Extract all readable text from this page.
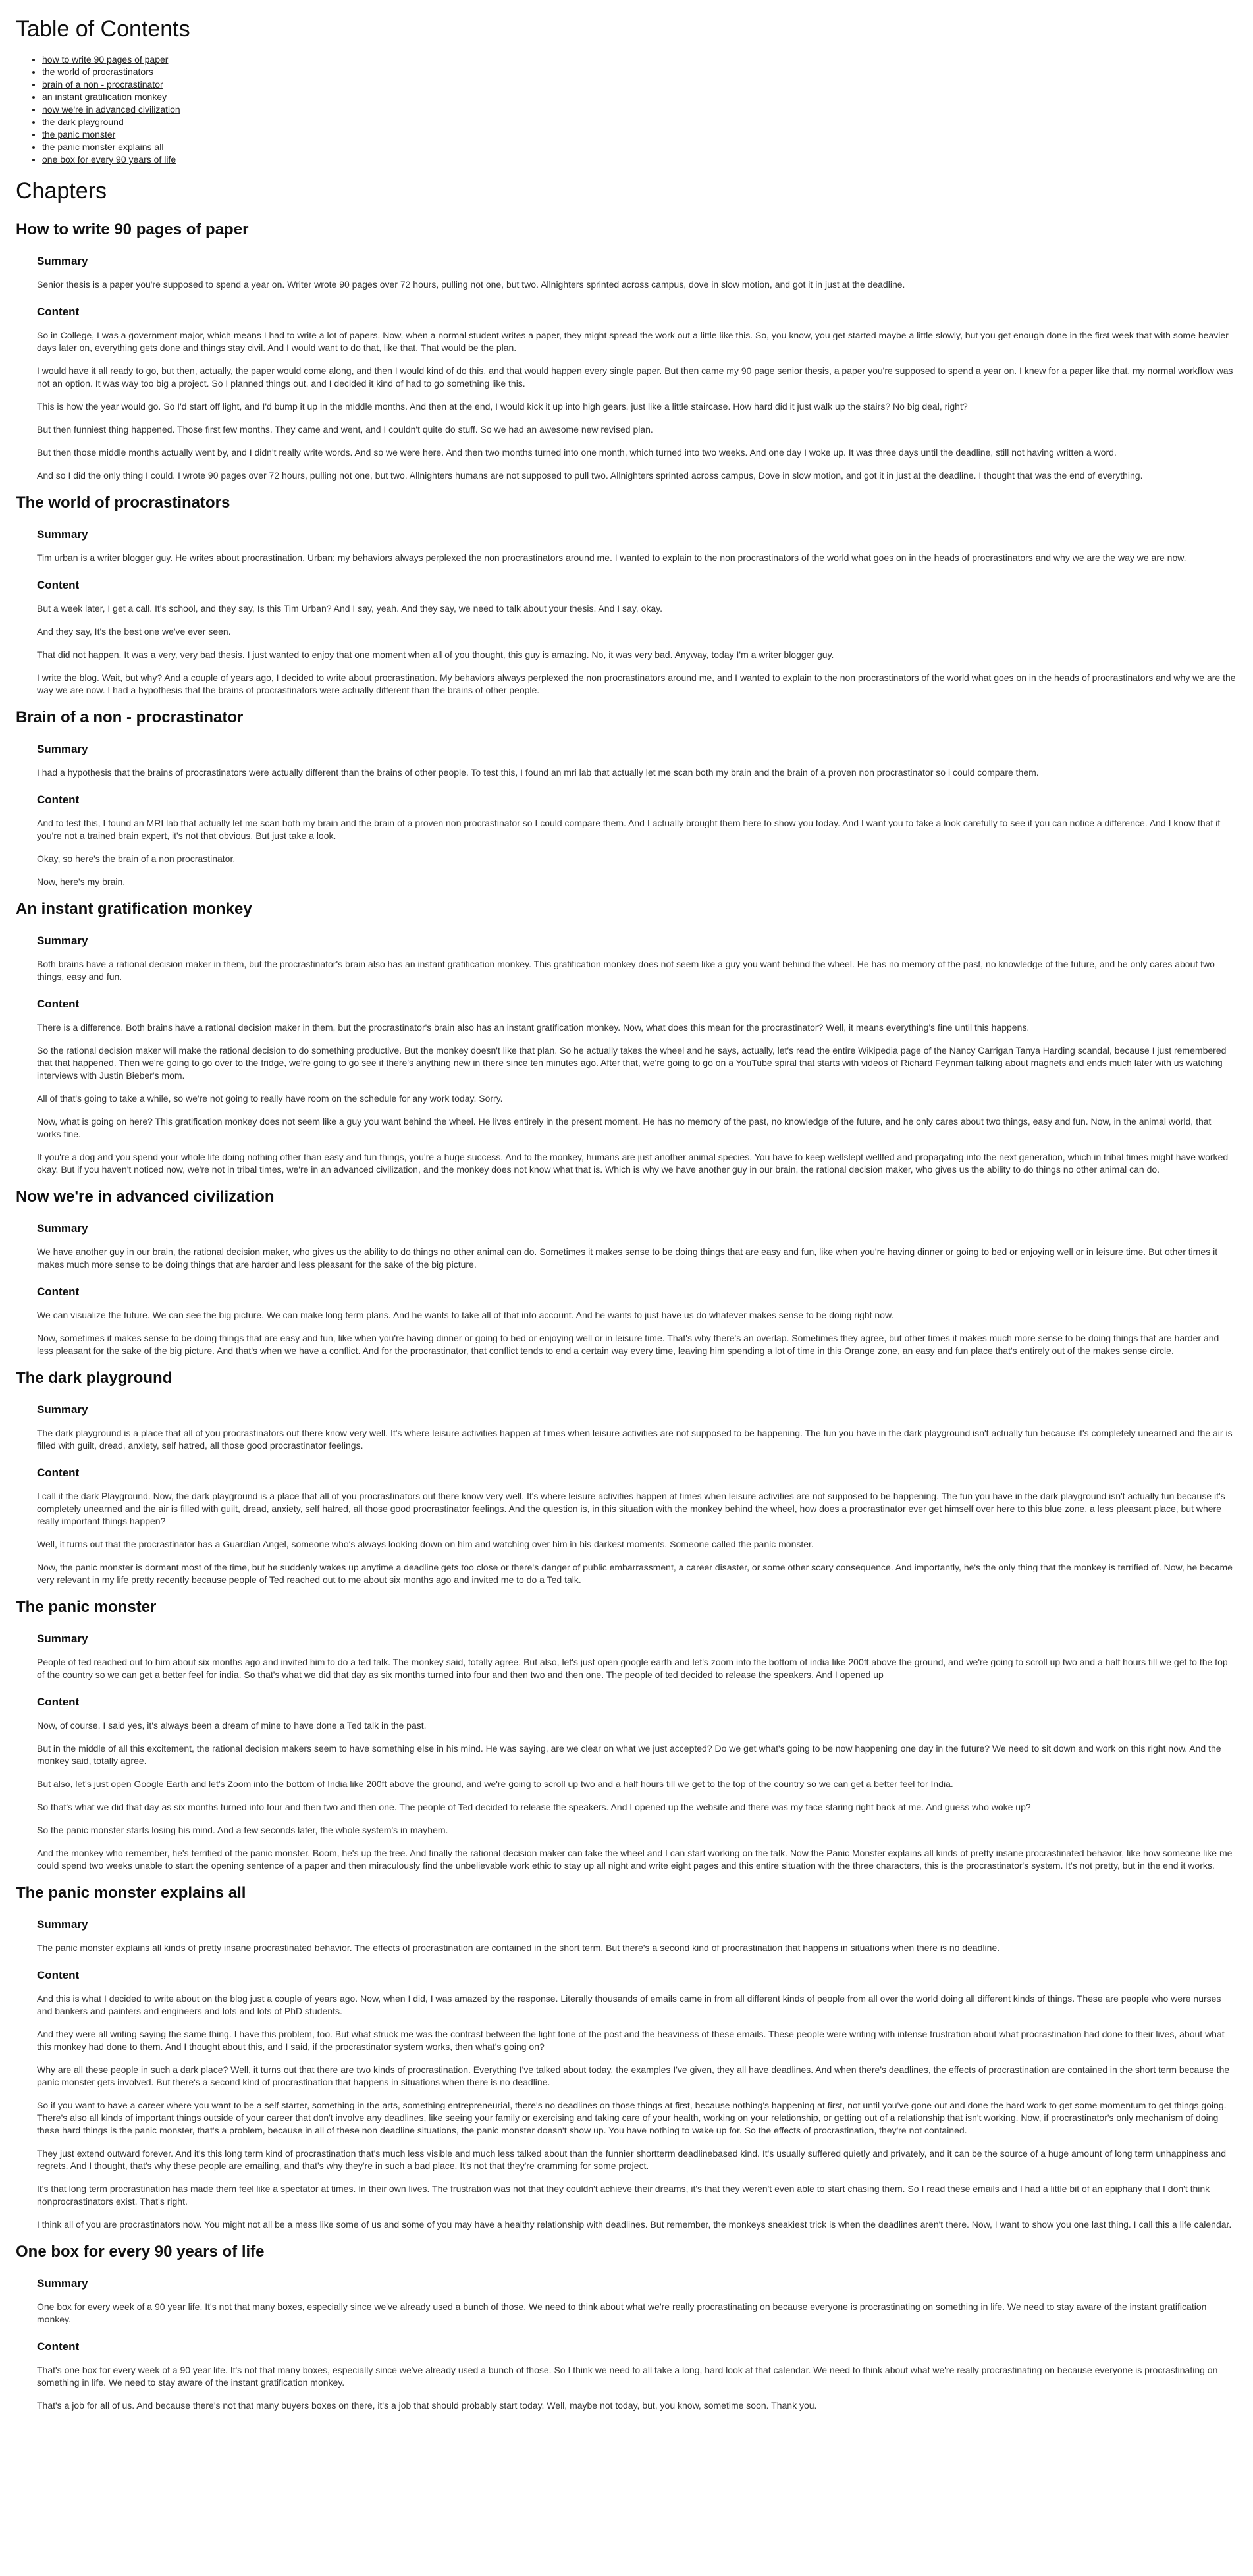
Table of Contents
• how to write 90 pages of paper
• the world of procrastinators
• brain of a non - procrastinator
• an instant gratification monkey
• now we're in advanced civilization
• the dark playground
• the panic monster
• the panic monster explains all
• one box for every 90 years of life
Chapters
How to write 90 pages of paper
Summary

Senior thesis is a paper you're supposed to spend a year on. Writer wrote 90 pages over 72 hours, pulling not one, but two. Allnighters sprinted across campus, dove in slow motion, and got it in just at the deadline.

Content

So in College, I was a government major, which means I had to write a lot of papers. Now, when a normal student writes a paper, they might spread the work out a little like this. So, you know, you get started maybe a little slowly, but you get enough done in the first week that with some heavier days later on, everything gets done and things stay civil. And I would want to do that, like that. That would be the plan.

I would have it all ready to go, but then, actually, the paper would come along, and then I would kind of do this, and that would happen every single paper. But then came my 90 page senior thesis, a paper you're supposed to spend a year on. I knew for a paper like that, my normal workflow was not an option. It was way too big a project. So I planned things out, and I decided it kind of had to go something like this.

This is how the year would go. So I'd start off light, and I'd bump it up in the middle months. And then at the end, I would kick it up into high gears, just like a little staircase. How hard did it just walk up the stairs? No big deal, right?

But then funniest thing happened. Those first few months. They came and went, and I couldn't quite do stuff. So we had an awesome new revised plan.

But then those middle months actually went by, and I didn't really write words. And so we were here. And then two months turned into one month, which turned into two weeks. And one day I woke up. It was three days until the deadline, still not having written a word.

And so I did the only thing I could. I wrote 90 pages over 72 hours, pulling not one, but two. Allnighters humans are not supposed to pull two. Allnighters sprinted across campus, Dove in slow motion, and got it in just at the deadline. I thought that was the end of everything.

The world of procrastinators
Summary

Tim urban is a writer blogger guy. He writes about procrastination. Urban: my behaviors always perplexed the non procrastinators around me. I wanted to explain to the non procrastinators of the world what goes on in the heads of procrastinators and why we are the way we are now.

Content

But a week later, I get a call. It's school, and they say, Is this Tim Urban? And I say, yeah. And they say, we need to talk about your thesis. And I say, okay.

And they say, It's the best one we've ever seen.

That did not happen. It was a very, very bad thesis. I just wanted to enjoy that one moment when all of you thought, this guy is amazing. No, it was very bad. Anyway, today I'm a writer blogger guy.

I write the blog. Wait, but why? And a couple of years ago, I decided to write about procrastination. My behaviors always perplexed the non procrastinators around me, and I wanted to explain to the non procrastinators of the world what goes on in the heads of procrastinators and why we are the way we are now. I had a hypothesis that the brains of procrastinators were actually different than the brains of other people.

Brain of a non - procrastinator
Summary

I had a hypothesis that the brains of procrastinators were actually different than the brains of other people. To test this, I found an mri lab that actually let me scan both my brain and the brain of a proven non procrastinator so i could compare them.

Content

And to test this, I found an MRI lab that actually let me scan both my brain and the brain of a proven non procrastinator so I could compare them. And I actually brought them here to show you today. And I want you to take a look carefully to see if you can notice a difference. And I know that if you're not a trained brain expert, it's not that obvious. But just take a look.

Okay, so here's the brain of a non procrastinator.

Now, here's my brain.

An instant gratification monkey
Summary

Both brains have a rational decision maker in them, but the procrastinator's brain also has an instant gratification monkey. This gratification monkey does not seem like a guy you want behind the wheel. He has no memory of the past, no knowledge of the future, and he only cares about two things, easy and fun.

Content

There is a difference. Both brains have a rational decision maker in them, but the procrastinator's brain also has an instant gratification monkey. Now, what does this mean for the procrastinator? Well, it means everything's fine until this happens.

So the rational decision maker will make the rational decision to do something productive. But the monkey doesn't like that plan. So he actually takes the wheel and he says, actually, let's read the entire Wikipedia page of the Nancy Carrigan Tanya Harding scandal, because I just remembered that that happened. Then we're going to go over to the fridge, we're going to go see if there's anything new in there since ten minutes ago. After that, we're going to go on a YouTube spiral that starts with videos of Richard Feynman talking about magnets and ends much later with us watching interviews with Justin Bieber's mom.

All of that's going to take a while, so we're not going to really have room on the schedule for any work today. Sorry.

Now, what is going on here? This gratification monkey does not seem like a guy you want behind the wheel. He lives entirely in the present moment. He has no memory of the past, no knowledge of the future, and he only cares about two things, easy and fun. Now, in the animal world, that works fine.

If you're a dog and you spend your whole life doing nothing other than easy and fun things, you're a huge success. And to the monkey, humans are just another animal species. You have to keep wellslept wellfed and propagating into the next generation, which in tribal times might have worked okay. But if you haven't noticed now, we're not in tribal times, we're in an advanced civilization, and the monkey does not know what that is. Which is why we have another guy in our brain, the rational decision maker, who gives us the ability to do things no other animal can do.

Now we're in advanced civilization
Summary

We have another guy in our brain, the rational decision maker, who gives us the ability to do things no other animal can do. Sometimes it makes sense to be doing things that are easy and fun, like when you're having dinner or going to bed or enjoying well or in leisure time. But other times it makes much more sense to be doing things that are harder and less pleasant for the sake of the big picture.

Content

We can visualize the future. We can see the big picture. We can make long term plans. And he wants to take all of that into account. And he wants to just have us do whatever makes sense to be doing right now.

Now, sometimes it makes sense to be doing things that are easy and fun, like when you're having dinner or going to bed or enjoying well or in leisure time. That's why there's an overlap. Sometimes they agree, but other times it makes much more sense to be doing things that are harder and less pleasant for the sake of the big picture. And that's when we have a conflict. And for the procrastinator, that conflict tends to end a certain way every time, leaving him spending a lot of time in this Orange zone, an easy and fun place that's entirely out of the makes sense circle.

The dark playground
Summary

The dark playground is a place that all of you procrastinators out there know very well. It's where leisure activities happen at times when leisure activities are not supposed to be happening. The fun you have in the dark playground isn't actually fun because it's completely unearned and the air is filled with guilt, dread, anxiety, self hatred, all those good procrastinator feelings.

Content

I call it the dark Playground. Now, the dark playground is a place that all of you procrastinators out there know very well. It's where leisure activities happen at times when leisure activities are not supposed to be happening. The fun you have in the dark playground isn't actually fun because it's completely unearned and the air is filled with guilt, dread, anxiety, self hatred, all those good procrastinator feelings. And the question is, in this situation with the monkey behind the wheel, how does a procrastinator ever get himself over here to this blue zone, a less pleasant place, but where really important things happen?

Well, it turns out that the procrastinator has a Guardian Angel, someone who's always looking down on him and watching over him in his darkest moments. Someone called the panic monster.

Now, the panic monster is dormant most of the time, but he suddenly wakes up anytime a deadline gets too close or there's danger of public embarrassment, a career disaster, or some other scary consequence. And importantly, he's the only thing that the monkey is terrified of. Now, he became very relevant in my life pretty recently because people of Ted reached out to me about six months ago and invited me to do a Ted talk.

The panic monster
Summary

People of ted reached out to him about six months ago and invited him to do a ted talk. The monkey said, totally agree. But also, let's just open google earth and let's zoom into the bottom of india like 200ft above the ground, and we're going to scroll up two and a half hours till we get to the top of the country so we can get a better feel for india. So that's what we did that day as six months turned into four and then two and then one. The people of ted decided to release the speakers. And I opened up

Content

Now, of course, I said yes, it's always been a dream of mine to have done a Ted talk in the past.

But in the middle of all this excitement, the rational decision makers seem to have something else in his mind. He was saying, are we clear on what we just accepted? Do we get what's going to be now happening one day in the future? We need to sit down and work on this right now. And the monkey said, totally agree.

But also, let's just open Google Earth and let's Zoom into the bottom of India like 200ft above the ground, and we're going to scroll up two and a half hours till we get to the top of the country so we can get a better feel for India.

So that's what we did that day as six months turned into four and then two and then one. The people of Ted decided to release the speakers. And I opened up the website and there was my face staring right back at me. And guess who woke up?

So the panic monster starts losing his mind. And a few seconds later, the whole system's in mayhem.

And the monkey who remember, he's terrified of the panic monster. Boom, he's up the tree. And finally the rational decision maker can take the wheel and I can start working on the talk. Now the Panic Monster explains all kinds of pretty insane procrastinated behavior, like how someone like me could spend two weeks unable to start the opening sentence of a paper and then miraculously find the unbelievable work ethic to stay up all night and write eight pages and this entire situation with the three characters, this is the procrastinator's system. It's not pretty, but in the end it works.

The panic monster explains all
Summary

The panic monster explains all kinds of pretty insane procrastinated behavior. The effects of procrastination are contained in the short term. But there's a second kind of procrastination that happens in situations when there is no deadline.

Content

And this is what I decided to write about on the blog just a couple of years ago. Now, when I did, I was amazed by the response. Literally thousands of emails came in from all different kinds of people from all over the world doing all different kinds of things. These are people who were nurses and bankers and painters and engineers and lots and lots of PhD students.

And they were all writing saying the same thing. I have this problem, too. But what struck me was the contrast between the light tone of the post and the heaviness of these emails. These people were writing with intense frustration about what procrastination had done to their lives, about what this monkey had done to them. And I thought about this, and I said, if the procrastinator system works, then what's going on?

Why are all these people in such a dark place? Well, it turns out that there are two kinds of procrastination. Everything I've talked about today, the examples I've given, they all have deadlines. And when there's deadlines, the effects of procrastination are contained in the short term because the panic monster gets involved. But there's a second kind of procrastination that happens in situations when there is no deadline.

So if you want to have a career where you want to be a self starter, something in the arts, something entrepreneurial, there's no deadlines on those things at first, because nothing's happening at first, not until you've gone out and done the hard work to get some momentum to get things going. There's also all kinds of important things outside of your career that don't involve any deadlines, like seeing your family or exercising and taking care of your health, working on your relationship, or getting out of a relationship that isn't working. Now, if procrastinator's only mechanism of doing these hard things is the panic monster, that's a problem, because in all of these non deadline situations, the panic monster doesn't show up. You have nothing to wake up for. So the effects of procrastination, they're not contained.

They just extend outward forever. And it's this long term kind of procrastination that's much less visible and much less talked about than the funnier shortterm deadlinebased kind. It's usually suffered quietly and privately, and it can be the source of a huge amount of long term unhappiness and regrets. And I thought, that's why these people are emailing, and that's why they're in such a bad place. It's not that they're cramming for some project.

It's that long term procrastination has made them feel like a spectator at times. In their own lives. The frustration was not that they couldn't achieve their dreams, it's that they weren't even able to start chasing them. So I read these emails and I had a little bit of an epiphany that I don't think nonprocrastinators exist. That's right.

I think all of you are procrastinators now. You might not all be a mess like some of us and some of you may have a healthy relationship with deadlines. But remember, the monkeys sneakiest trick is when the deadlines aren't there. Now, I want to show you one last thing. I call this a life calendar.

One box for every 90 years of life
Summary

One box for every week of a 90 year life. It's not that many boxes, especially since we've already used a bunch of those. We need to think about what we're really procrastinating on because everyone is procrastinating on something in life. We need to stay aware of the instant gratification monkey.

Content

That's one box for every week of a 90 year life. It's not that many boxes, especially since we've already used a bunch of those. So I think we need to all take a long, hard look at that calendar. We need to think about what we're really procrastinating on because everyone is procrastinating on something in life. We need to stay aware of the instant gratification monkey.

That's a job for all of us. And because there's not that many buyers boxes on there, it's a job that should probably start today. Well, maybe not today, but, you know, sometime soon. Thank you.
